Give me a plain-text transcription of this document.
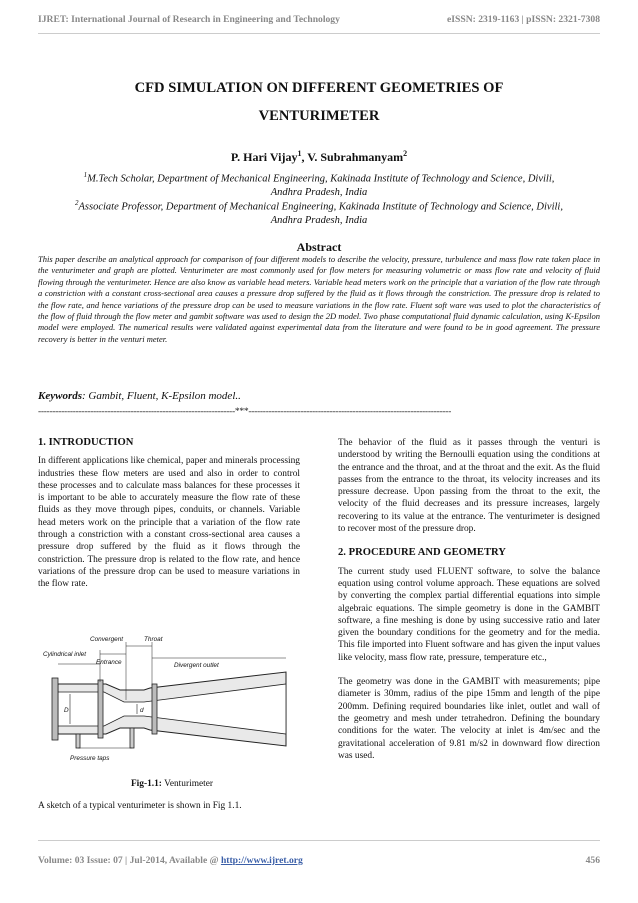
IJRET: International Journal of Research in Engineering and Technology	eISSN: 2319-1163 | pISSN: 2321-7308
CFD SIMULATION ON DIFFERENT GEOMETRIES OF
VENTURIMETER
P. Hari Vijay$^1$, V. Subrahmanyam$^2$
$^1$M.Tech Scholar, Department of Mechanical Engineering, Kakinada Institute of Technology and Science, Divili,
Andhra Pradesh, India
$^2$Associate Professor, Department of Mechanical Engineering, Kakinada Institute of Technology and Science, Divili,
Andhra Pradesh, India
Abstract
This paper describe an analytical approach for comparison of four different models to describe the velocity, pressure, turbulence and mass flow rate taken place in the venturimeter and graph are plotted. Venturimeter are most commonly used for flow meters for measuring volumetric or mass flow rate and velocity of fluid flowing through the venturimeter. Hence are also know as variable head meters. Variable head meters work on the principle that a variation of the flow rate through a constriction with a constant cross-sectional area causes a pressure drop suffered by the fluid as it flows through the constriction. The pressure drop is related to the flow rate, and hence variations of the pressure drop can be used to measure variations in the flow rate. Fluent soft ware was used to plot the characteristics of the flow of fluid through the flow meter and gambit software was used to design the 2D model. Two phase computational fluid dynamic calculation, using K-Epsilon model were employed. The numerical results were validated against experimental data from the literature and were found to be in good agreement. The pressure recovery is better in the venturi meter.
Keywords: Gambit, Fluent, K-Epsilon model..
--------------------------------------------------------------------***----------------------------------------------------------------------
1. INTRODUCTION
In different applications like chemical, paper and minerals processing industries these flow meters are used and also in order to control these processes and to calculate mass balances for these processes it is important to be able to accurately measure the flow rate of these fluids as they move through pipes, conduits, or channels. Variable head meters work on the principle that a variation of the flow rate through a constriction with a constant cross-sectional area causes a pressure drop suffered by the fluid as it flows through the constriction. The pressure drop is related to the flow rate, and hence variations of the pressure drop can be used to measure variations in the flow rate.
Cylindrical inlet
Convergent
Entrance
Throat
Divergent outlet
D	d
Pressure taps
Fig-1.1: Venturimeter
A sketch of a typical venturimeter is shown in Fig 1.1.
The behavior of the fluid as it passes through the venturi is understood by writing the Bernoulli equation using the conditions at the entrance and the throat, and at the throat and the exit. As the fluid passes from the entrance to the throat, its velocity increases and its pressure decrease. Upon passing from the throat to the exit, the velocity of the fluid decreases and its pressure increases, largely recovering to its value at the entrance. The venturimeter is designed to recover most of the pressure drop.
2. PROCEDURE AND GEOMETRY
The current study used FLUENT software, to solve the balance equation using control volume approach. These equations are solved by converting the complex partial differential equations into simple algebraic equations. The simple geometry is done in the GAMBIT software, a fine meshing is done by using successive ratio and later given the boundary conditions for the geometry and for the media. This file imported into Fluent software and has given the input values like velocity, mass flow rate, pressure, temperature etc.,
The geometry was done in the GAMBIT with measurements; pipe diameter is 30mm, radius of the pipe 15mm and length of the pipe 200mm. Defining required boundaries like inlet, outlet and wall of the geometry and mesh under tetrahedron. Defining the boundary conditions for the water. The velocity at inlet is 4m/sec and the gravitational acceleration of 9.81 m/s2 in downward flow direction was used.
Volume: 03 Issue: 07 | Jul-2014, Available @ http://www.ijret.org	456
